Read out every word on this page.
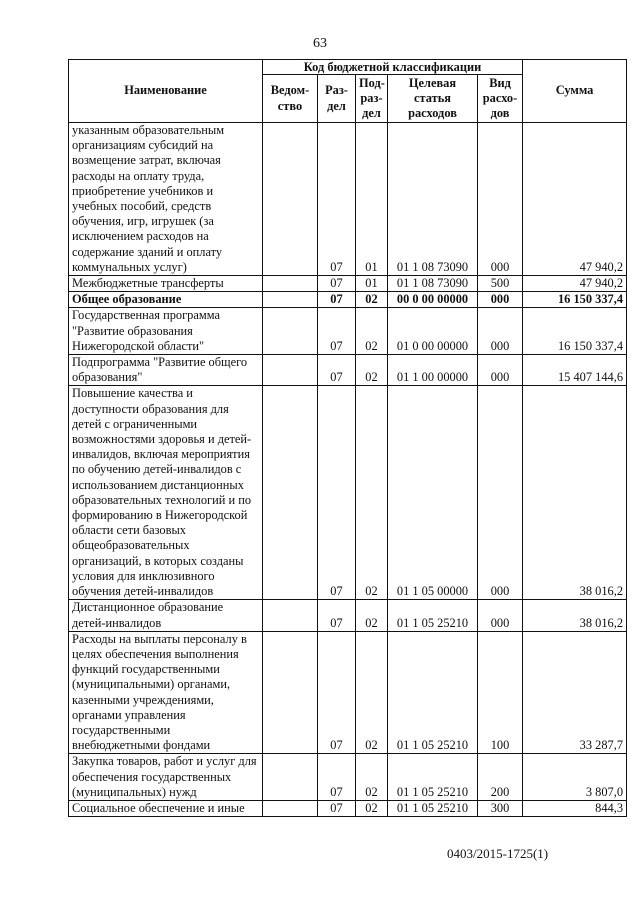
63
Наименование	Код бюджетной классификации					Сумма
	Ведом-ство	Раз-дел	Под-раз-дел	Целевая статья расходов	Вид расхо-дов	
указанным образовательным организациям субсидий на возмещение затрат, включая расходы на оплату труда, приобретение учебников и учебных пособий, средств обучения, игр, игрушек (за исключением расходов на содержание зданий и оплату коммунальных услуг)		07	01	01 1 08 73090	000	47 940,2
Межбюджетные трансферты		07	01	01 1 08 73090	500	47 940,2
Общее образование		07	02	00 0 00 00000	000	16 150 337,4
Государственная программа "Развитие образования Нижегородской области"		07	02	01 0 00 00000	000	16 150 337,4
Подпрограмма "Развитие общего образования"		07	02	01 1 00 00000	000	15 407 144,6
Повышение качества и доступности образования для детей с ограниченными возможностями здоровья и детей-инвалидов, включая мероприятия по обучению детей-инвалидов с использованием дистанционных образовательных технологий и по формированию в Нижегородской области сети базовых общеобразовательных организаций, в которых созданы условия для инклюзивного обучения детей-инвалидов		07	02	01 1 05 00000	000	38 016,2
Дистанционное образование детей-инвалидов		07	02	01 1 05 25210	000	38 016,2
Расходы на выплаты персоналу в целях обеспечения выполнения функций государственными (муниципальными) органами, казенными учреждениями, органами управления государственными внебюджетными фондами		07	02	01 1 05 25210	100	33 287,7
Закупка товаров, работ и услуг для обеспечения государственных (муниципальных) нужд		07	02	01 1 05 25210	200	3 807,0
Социальное обеспечение и иные		07	02	01 1 05 25210	300	844,3
0403/2015-1725(1)
